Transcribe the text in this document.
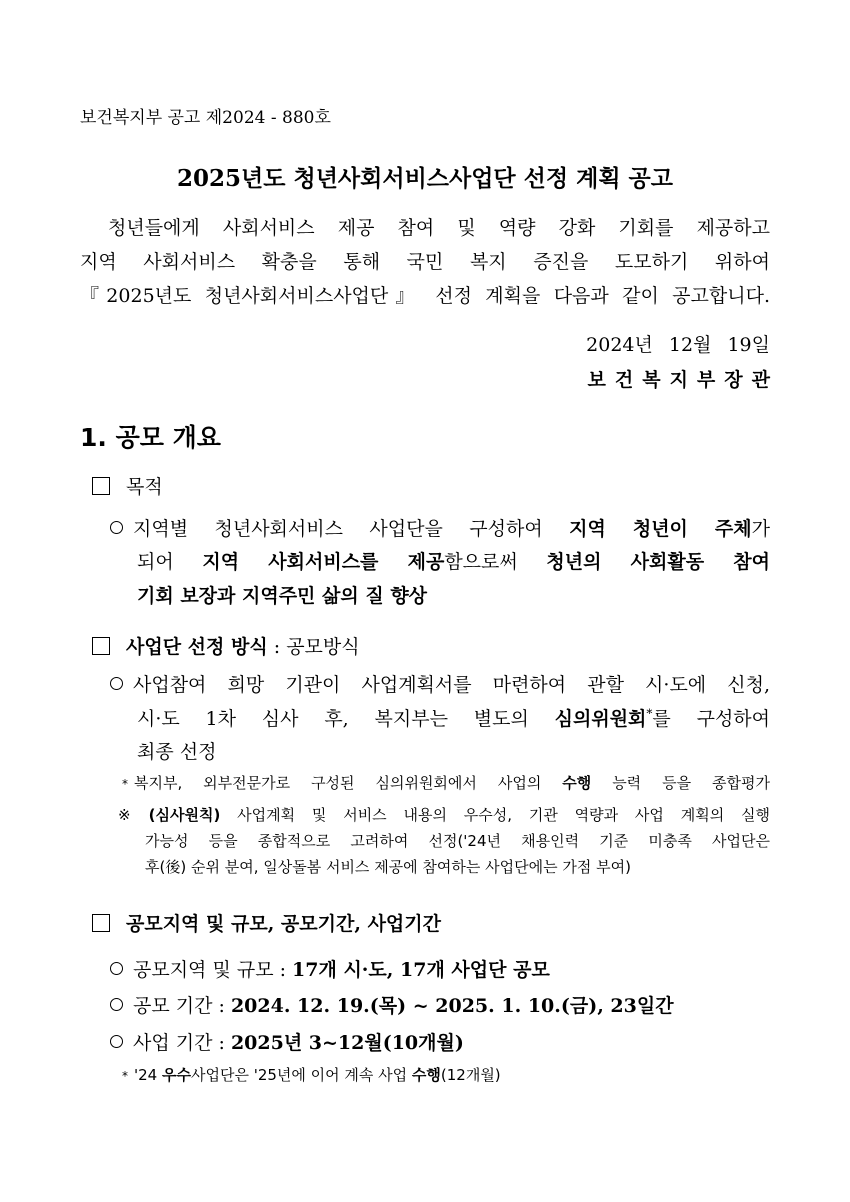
보건복지부 공고 제2024 - 880호
2025년도 청년사회서비스사업단 선정 계획 공고
청년들에게 사회서비스 제공 참여 및 역량 강화 기회를 제공하고
지역 사회서비스 확충을 통해 국민 복지 증진을 도모하기 위하여
『2025년도 청년사회서비스사업단』 선정 계획을 다음과 같이 공고합니다.
2024년 12월 19일
보건복지부장관
1. 공모 개요
목적
지역별 청년사회서비스 사업단을 구성하여 지역 청년이 주체가
되어 지역 사회서비스를 제공함으로써 청년의 사회활동 참여
기회 보장과 지역주민 삶의 질 향상
사업단 선정 방식 : 공모방식
사업참여 희망 기관이 사업계획서를 마련하여 관할 시·도에 신청,
시·도 1차 심사 후, 복지부는 별도의 심의위원회*를 구성하여
최종 선정
* 복지부, 외부전문가로 구성된 심의위원회에서 사업의 수행 능력 등을 종합평가
※ (심사원칙) 사업계획 및 서비스 내용의 우수성, 기관 역량과 사업 계획의 실행
가능성 등을 종합적으로 고려하여 선정('24년 채용인력 기준 미충족 사업단은
후(後) 순위 분여, 일상돌봄 서비스 제공에 참여하는 사업단에는 가점 부여)
공모지역 및 규모, 공모기간, 사업기간
공모지역 및 규모 : 17개 시·도, 17개 사업단 공모
공모 기간 : 2024. 12. 19.(목) ~ 2025. 1. 10.(금), 23일간
사업 기간 : 2025년 3~12월(10개월)
* '24 우수사업단은 '25년에 이어 계속 사업 수행(12개월)
